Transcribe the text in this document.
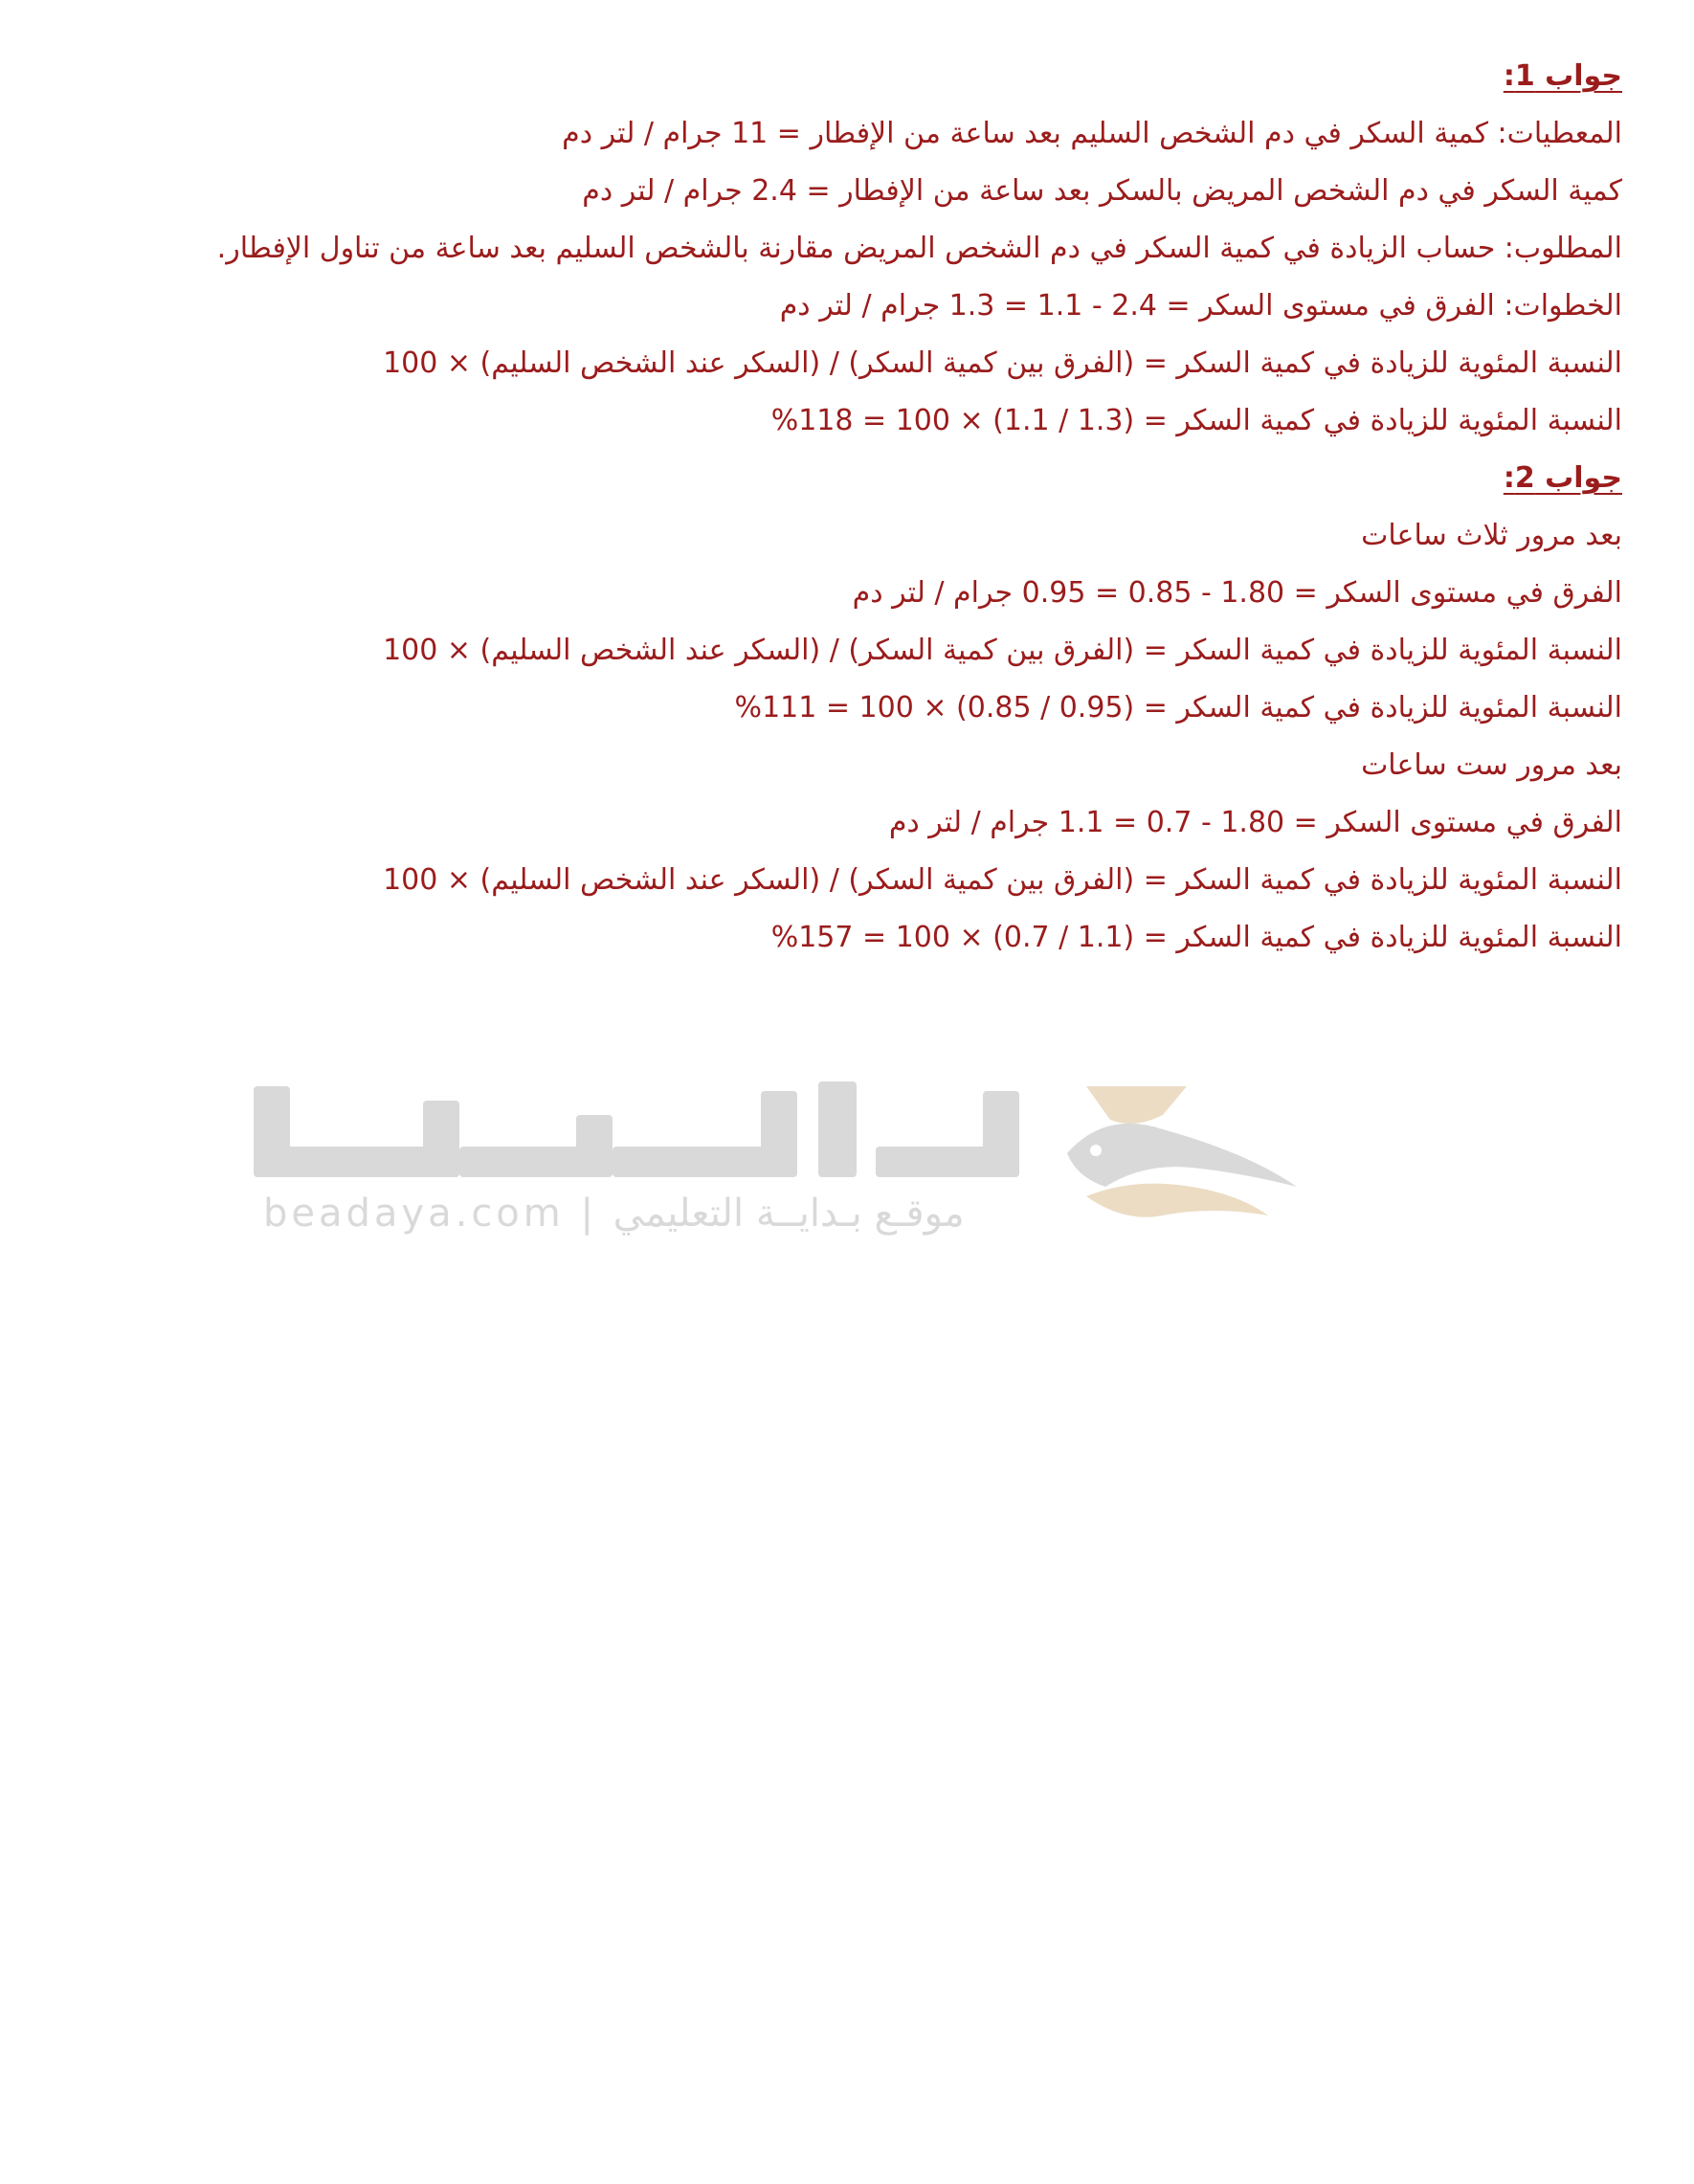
جواب 1:
المعطيات: كمية السكر في دم الشخص السليم بعد ساعة من الإفطار = 11 جرام / لتر دم
كمية السكر في دم الشخص المريض بالسكر بعد ساعة من الإفطار = 2.4 جرام / لتر دم
المطلوب: حساب الزيادة في كمية السكر في دم الشخص المريض مقارنة بالشخص السليم بعد ساعة من تناول الإفطار.
الخطوات: الفرق في مستوى السكر = 2.4 - 1.1 = 1.3 جرام / لتر دم
النسبة المئوية للزيادة في كمية السكر = (الفرق بين كمية السكر) / (السكر عند الشخص السليم) × 100
النسبة المئوية للزيادة في كمية السكر = (1.3 / 1.1) × 100 = 118%
جواب 2:
بعد مرور ثلاث ساعات
الفرق في مستوى السكر = 1.80 - 0.85 = 0.95 جرام / لتر دم
النسبة المئوية للزيادة في كمية السكر = (الفرق بين كمية السكر) / (السكر عند الشخص السليم) × 100
النسبة المئوية للزيادة في كمية السكر = (0.95 / 0.85) × 100 = 111%
بعد مرور ست ساعات
الفرق في مستوى السكر = 1.80 - 0.7 = 1.1 جرام / لتر دم
النسبة المئوية للزيادة في كمية السكر = (الفرق بين كمية السكر) / (السكر عند الشخص السليم) × 100
النسبة المئوية للزيادة في كمية السكر = (1.1 / 0.7) × 100 = 157%
beadaya.com | موقـع بـدايــة التعليمي
